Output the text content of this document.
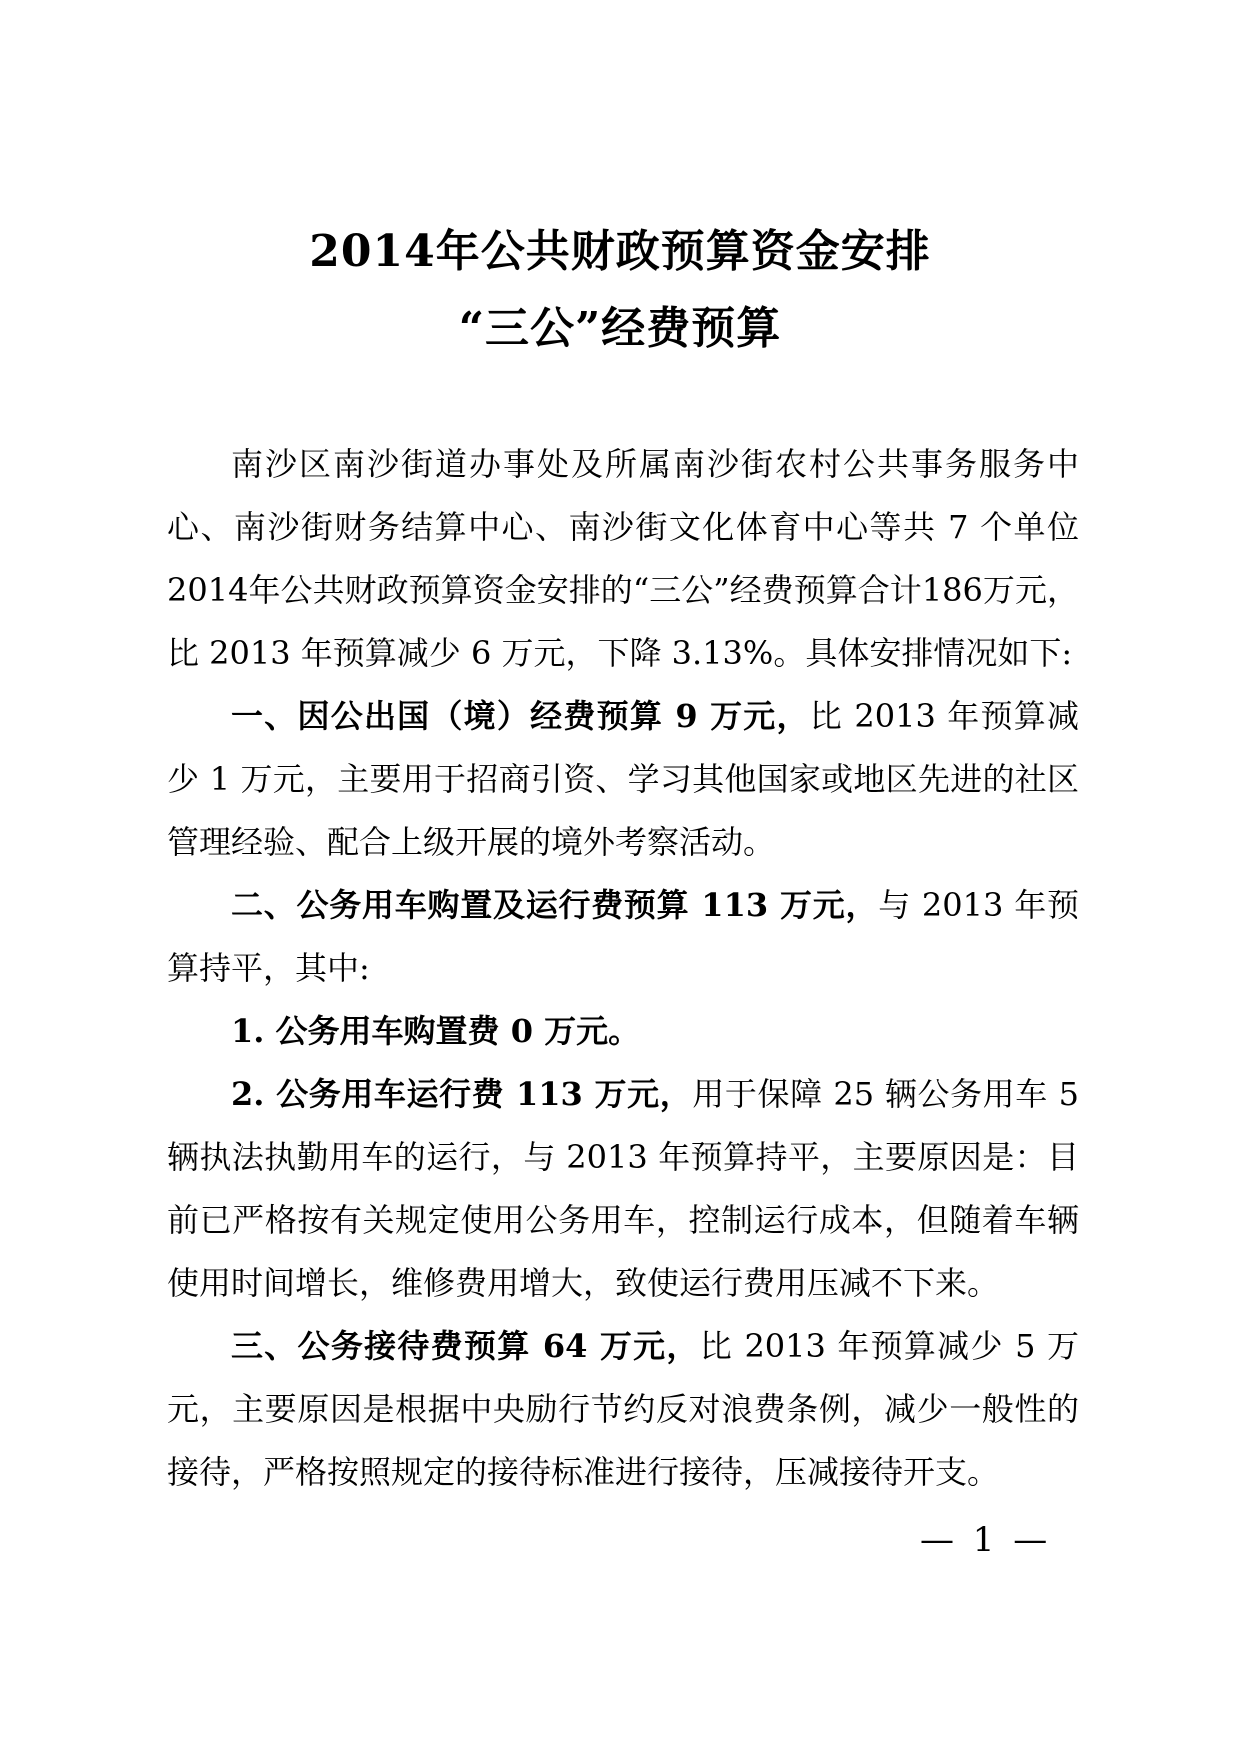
2014年公共财政预算资金安排
“三公”经费预算

南沙区南沙街道办事处及所属南沙街农村公共事务服务中心、南沙街财务结算中心、南沙街文化体育中心等共 7 个单位 2014年公共财政预算资金安排的“三公”经费预算合计186万元，比 2013 年预算减少 6 万元，下降 3.13%。具体安排情况如下:

一、因公出国（境）经费预算 9 万元，比 2013 年预算减少 1 万元，主要用于招商引资、学习其他国家或地区先进的社区管理经验、配合上级开展的境外考察活动。

二、公务用车购置及运行费预算 113 万元，与 2013 年预算持平，其中:

1. 公务用车购置费 0 万元。

2. 公务用车运行费 113 万元，用于保障 25 辆公务用车 5 辆执法执勤用车的运行，与 2013 年预算持平，主要原因是：目前已严格按有关规定使用公务用车，控制运行成本，但随着车辆使用时间增长，维修费用增大，致使运行费用压减不下来。

三、公务接待费预算 64 万元，比 2013 年预算减少 5 万元，主要原因是根据中央励行节约反对浪费条例，减少一般性的接待，严格按照规定的接待标准进行接待，压减接待开支。

— 1 —
